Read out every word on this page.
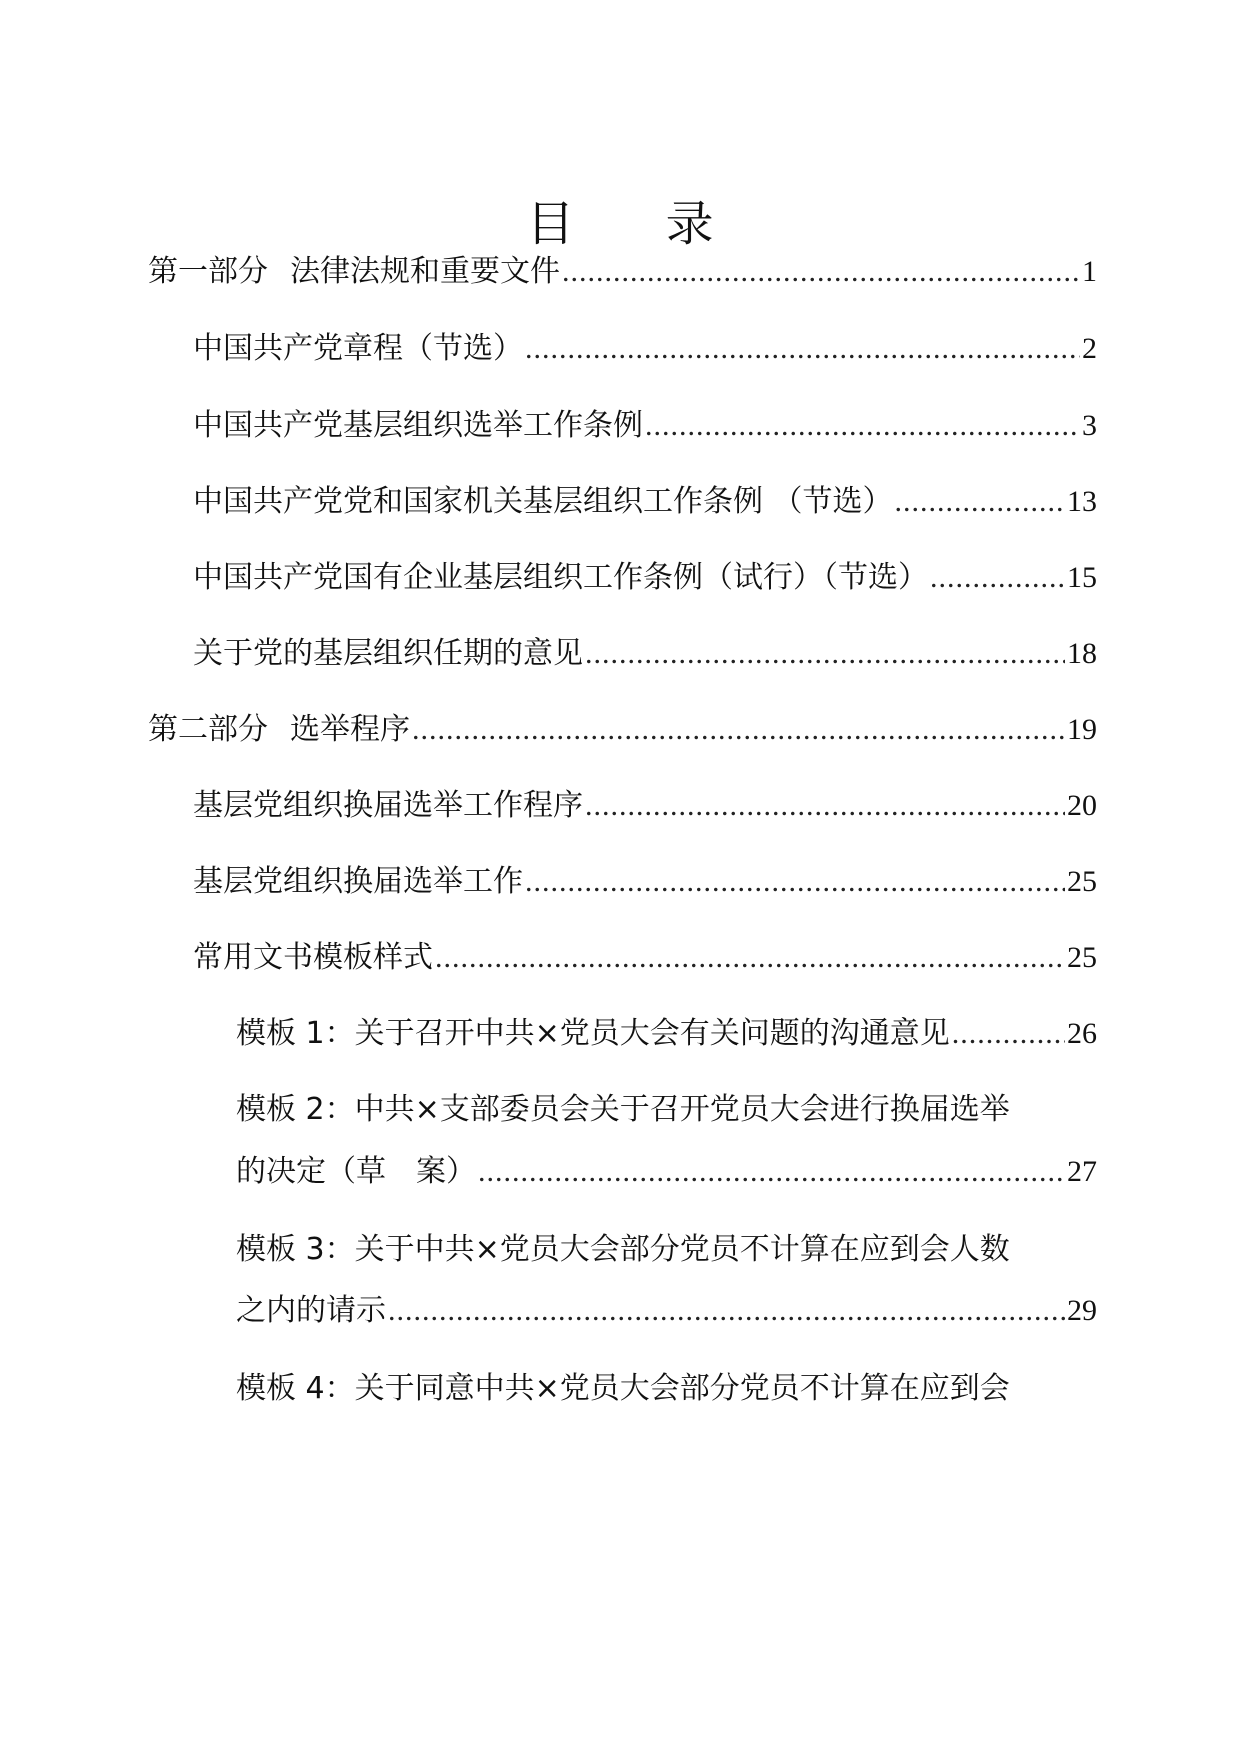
目 录
第一部分 法律法规和重要文件 .....	1
中国共产党章程（节选） .....	2
中国共产党基层组织选举工作条例 .....	3
中国共产党党和国家机关基层组织工作条例 （节选） .....	13
中国共产党国有企业基层组织工作条例（试行）（节选） .....	15
关于党的基层组织任期的意见 .....	18
第二部分 选举程序 .....	19
基层党组织换届选举工作程序 .....	20
基层党组织换届选举工作 .....	25
常用文书模板样式 .....	25
模板 1：关于召开中共×党员大会有关问题的沟通意见 .....	26
模板 2：中共×支部委员会关于召开党员大会进行换届选举
的决定（草　案） .....	27
模板 3：关于中共×党员大会部分党员不计算在应到会人数
之内的请示 .....	29
模板 4：关于同意中共×党员大会部分党员不计算在应到会
